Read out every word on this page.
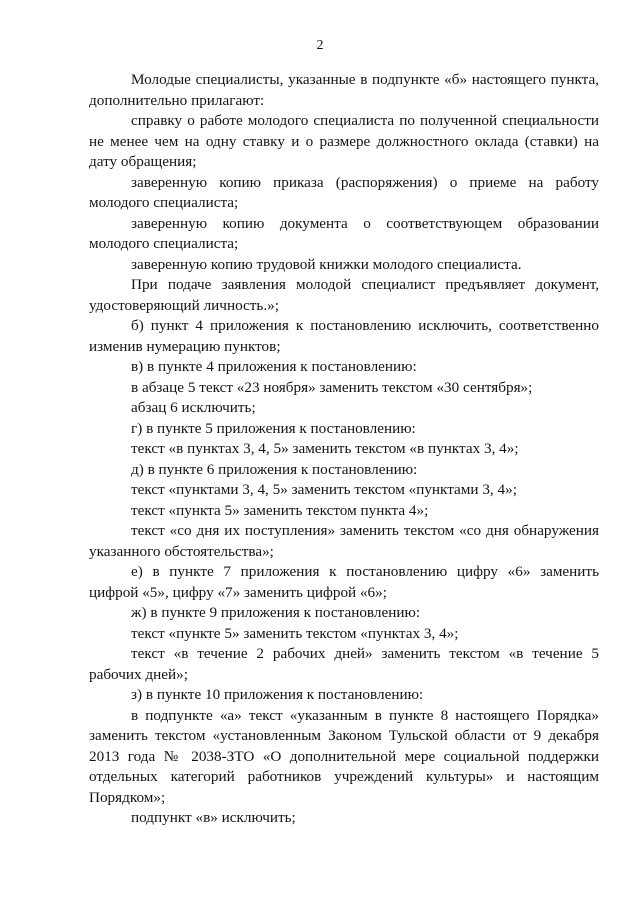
2

Молодые специалисты, указанные в подпункте «б» настоящего пункта, дополнительно прилагают:

справку о работе молодого специалиста по полученной специальности не менее чем на одну ставку и о размере должностного оклада (ставки) на дату обращения;

заверенную копию приказа (распоряжения) о приеме на работу молодого специалиста;

заверенную копию документа о соответствующем образовании молодого специалиста;

заверенную копию трудовой книжки молодого специалиста.

При подаче заявления молодой специалист предъявляет документ, удостоверяющий личность.»;

б) пункт 4 приложения к постановлению исключить, соответственно изменив нумерацию пунктов;

в) в пункте 4 приложения к постановлению:

в абзаце 5 текст «23 ноября» заменить текстом «30 сентября»;

абзац 6 исключить;

г) в пункте 5 приложения к постановлению:

текст «в пунктах 3, 4, 5» заменить текстом «в пунктах 3, 4»;

д) в пункте 6 приложения к постановлению:

текст «пунктами 3, 4, 5» заменить текстом «пунктами 3, 4»;

текст «пункта 5» заменить текстом пункта 4»;

текст «со дня их поступления» заменить текстом «со дня обнаружения указанного обстоятельства»;

е) в пункте 7 приложения к постановлению цифру «6» заменить цифрой «5», цифру «7» заменить цифрой «6»;

ж) в пункте 9 приложения к постановлению:

текст «пункте 5» заменить текстом «пунктах 3, 4»;

текст «в течение 2 рабочих дней» заменить текстом «в течение 5 рабочих дней»;

з) в пункте 10 приложения к постановлению:

в подпункте «а» текст «указанным в пункте 8 настоящего Порядка» заменить текстом «установленным Законом Тульской области от 9 декабря 2013 года № 2038-ЗТО «О дополнительной мере социальной поддержки отдельных категорий работников учреждений культуры» и настоящим Порядком»;

подпункт «в» исключить;
